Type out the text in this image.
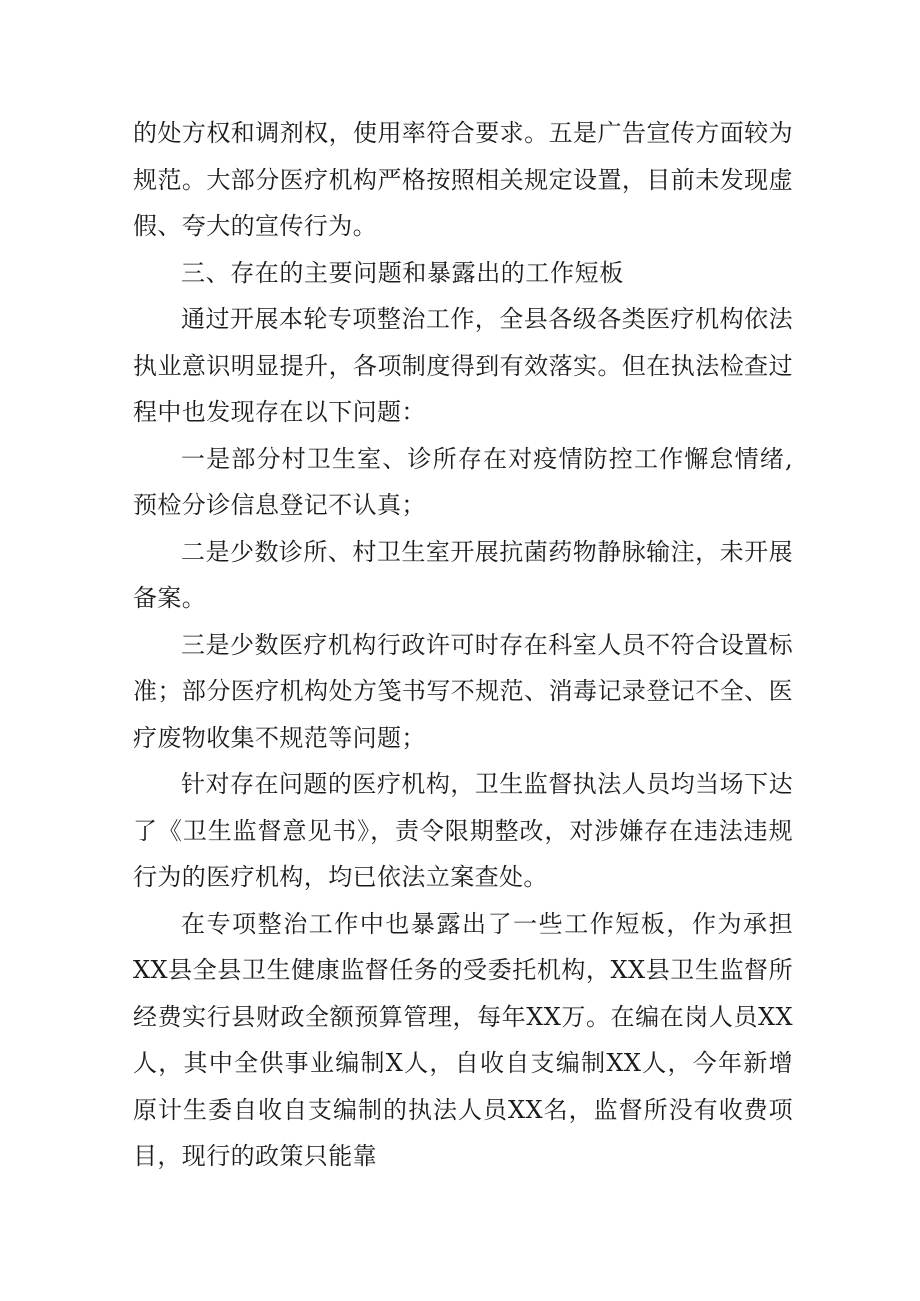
的处方权和调剂权，使用率符合要求。五是广告宣传方面较为规范。大部分医疗机构严格按照相关规定设置，目前未发现虚假、夸大的宣传行为。

三、存在的主要问题和暴露出的工作短板

通过开展本轮专项整治工作，全县各级各类医疗机构依法执业意识明显提升，各项制度得到有效落实。但在执法检查过程中也发现存在以下问题：

一是部分村卫生室、诊所存在对疫情防控工作懈怠情绪,预检分诊信息登记不认真；

二是少数诊所、村卫生室开展抗菌药物静脉输注，未开展备案。

三是少数医疗机构行政许可时存在科室人员不符合设置标准；部分医疗机构处方笺书写不规范、消毒记录登记不全、医疗废物收集不规范等问题；

针对存在问题的医疗机构，卫生监督执法人员均当场下达了《卫生监督意见书》，责令限期整改，对涉嫌存在违法违规行为的医疗机构，均已依法立案查处。

在专项整治工作中也暴露出了一些工作短板，作为承担XX县全县卫生健康监督任务的受委托机构，XX县卫生监督所经费实行县财政全额预算管理，每年XX万。在编在岗人员XX人，其中全供事业编制X人，自收自支编制XX人，今年新增原计生委自收自支编制的执法人员XX名，监督所没有收费项目，现行的政策只能靠
